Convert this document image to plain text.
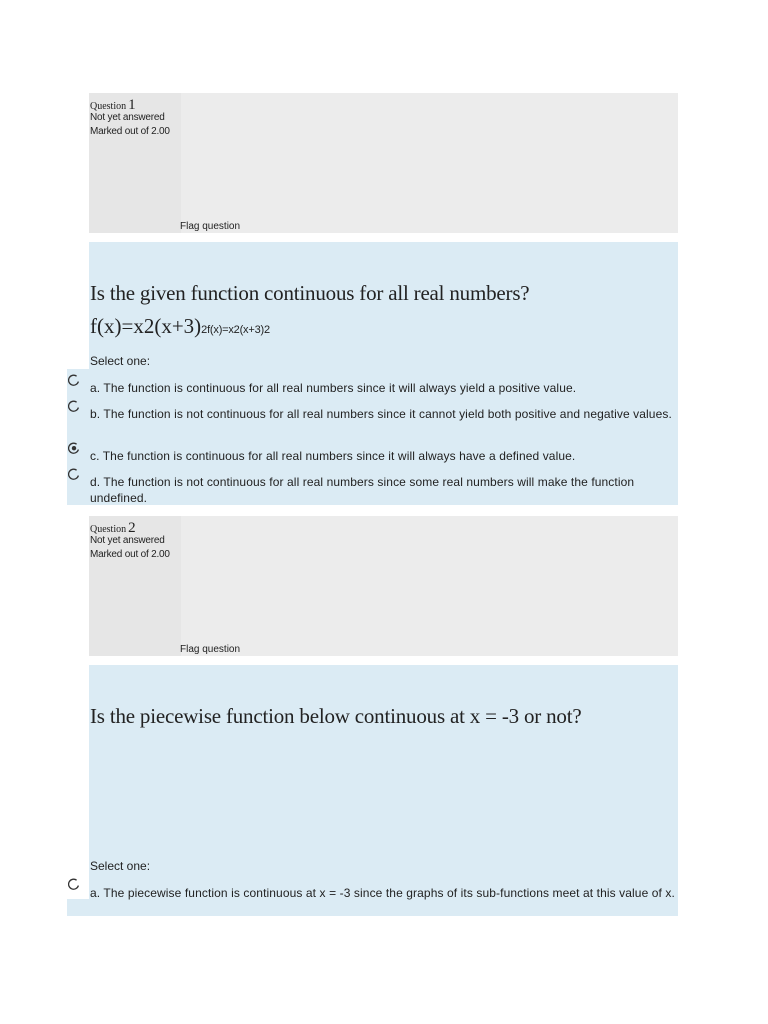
Question 1
Not yet answered
Marked out of 2.00
Flag question
Is the given function continuous for all real numbers?
f(x)=x2(x+3)2f(x)=x2(x+3)2
Select one:
a. The function is continuous for all real numbers since it will always yield a positive value.
b. The function is not continuous for all real numbers since it cannot yield both positive and negative values.
c. The function is continuous for all real numbers since it will always have a defined value.
d. The function is not continuous for all real numbers since some real numbers will make the function undefined.
Question 2
Not yet answered
Marked out of 2.00
Flag question
Is the piecewise function below continuous at x = -3 or not?
Select one:
a. The piecewise function is continuous at x = -3 since the graphs of its sub-functions meet at this value of x.
